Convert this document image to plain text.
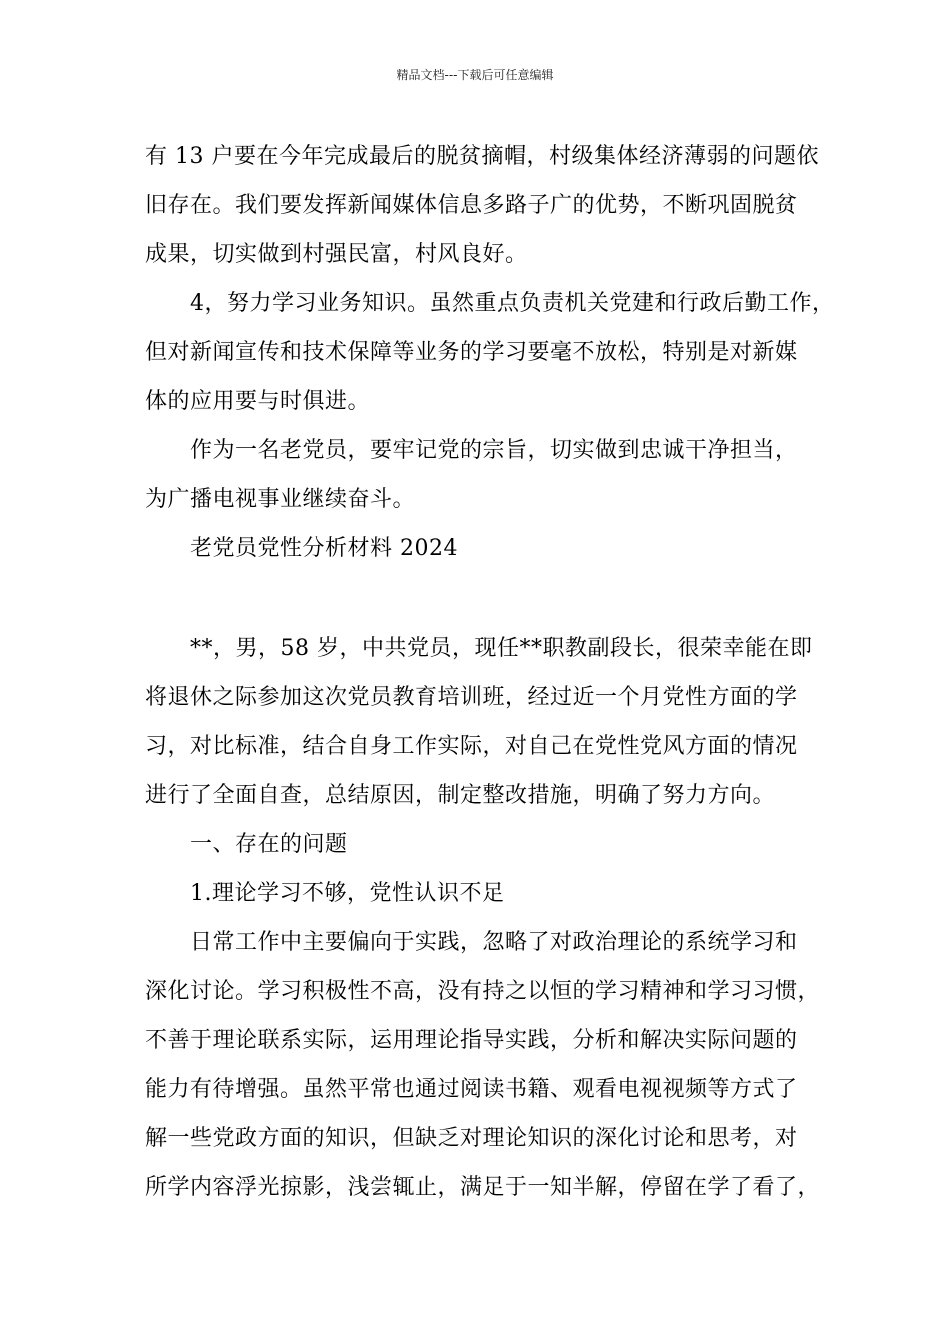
精品文档---下载后可任意编辑

有 13 户要在今年完成最后的脱贫摘帽，村级集体经济薄弱的问题依

旧存在。我们要发挥新闻媒体信息多路子广的优势，不断巩固脱贫

成果，切实做到村强民富，村风良好。

4，努力学习业务知识。虽然重点负责机关党建和行政后勤工作，

但对新闻宣传和技术保障等业务的学习要毫不放松，特别是对新媒

体的应用要与时俱进。

作为一名老党员，要牢记党的宗旨，切实做到忠诚干净担当，

为广播电视事业继续奋斗。

老党员党性分析材料 2024

**，男，58 岁，中共党员，现任**职教副段长，很荣幸能在即

将退休之际参加这次党员教育培训班，经过近一个月党性方面的学

习，对比标准，结合自身工作实际，对自己在党性党风方面的情况

进行了全面自查，总结原因，制定整改措施，明确了努力方向。

一、存在的问题

1.理论学习不够，党性认识不足

日常工作中主要偏向于实践，忽略了对政治理论的系统学习和

深化讨论。学习积极性不高，没有持之以恒的学习精神和学习习惯，

不善于理论联系实际，运用理论指导实践，分析和解决实际问题的

能力有待增强。虽然平常也通过阅读书籍、观看电视视频等方式了

解一些党政方面的知识，但缺乏对理论知识的深化讨论和思考，对

所学内容浮光掠影，浅尝辄止，满足于一知半解，停留在学了看了，
